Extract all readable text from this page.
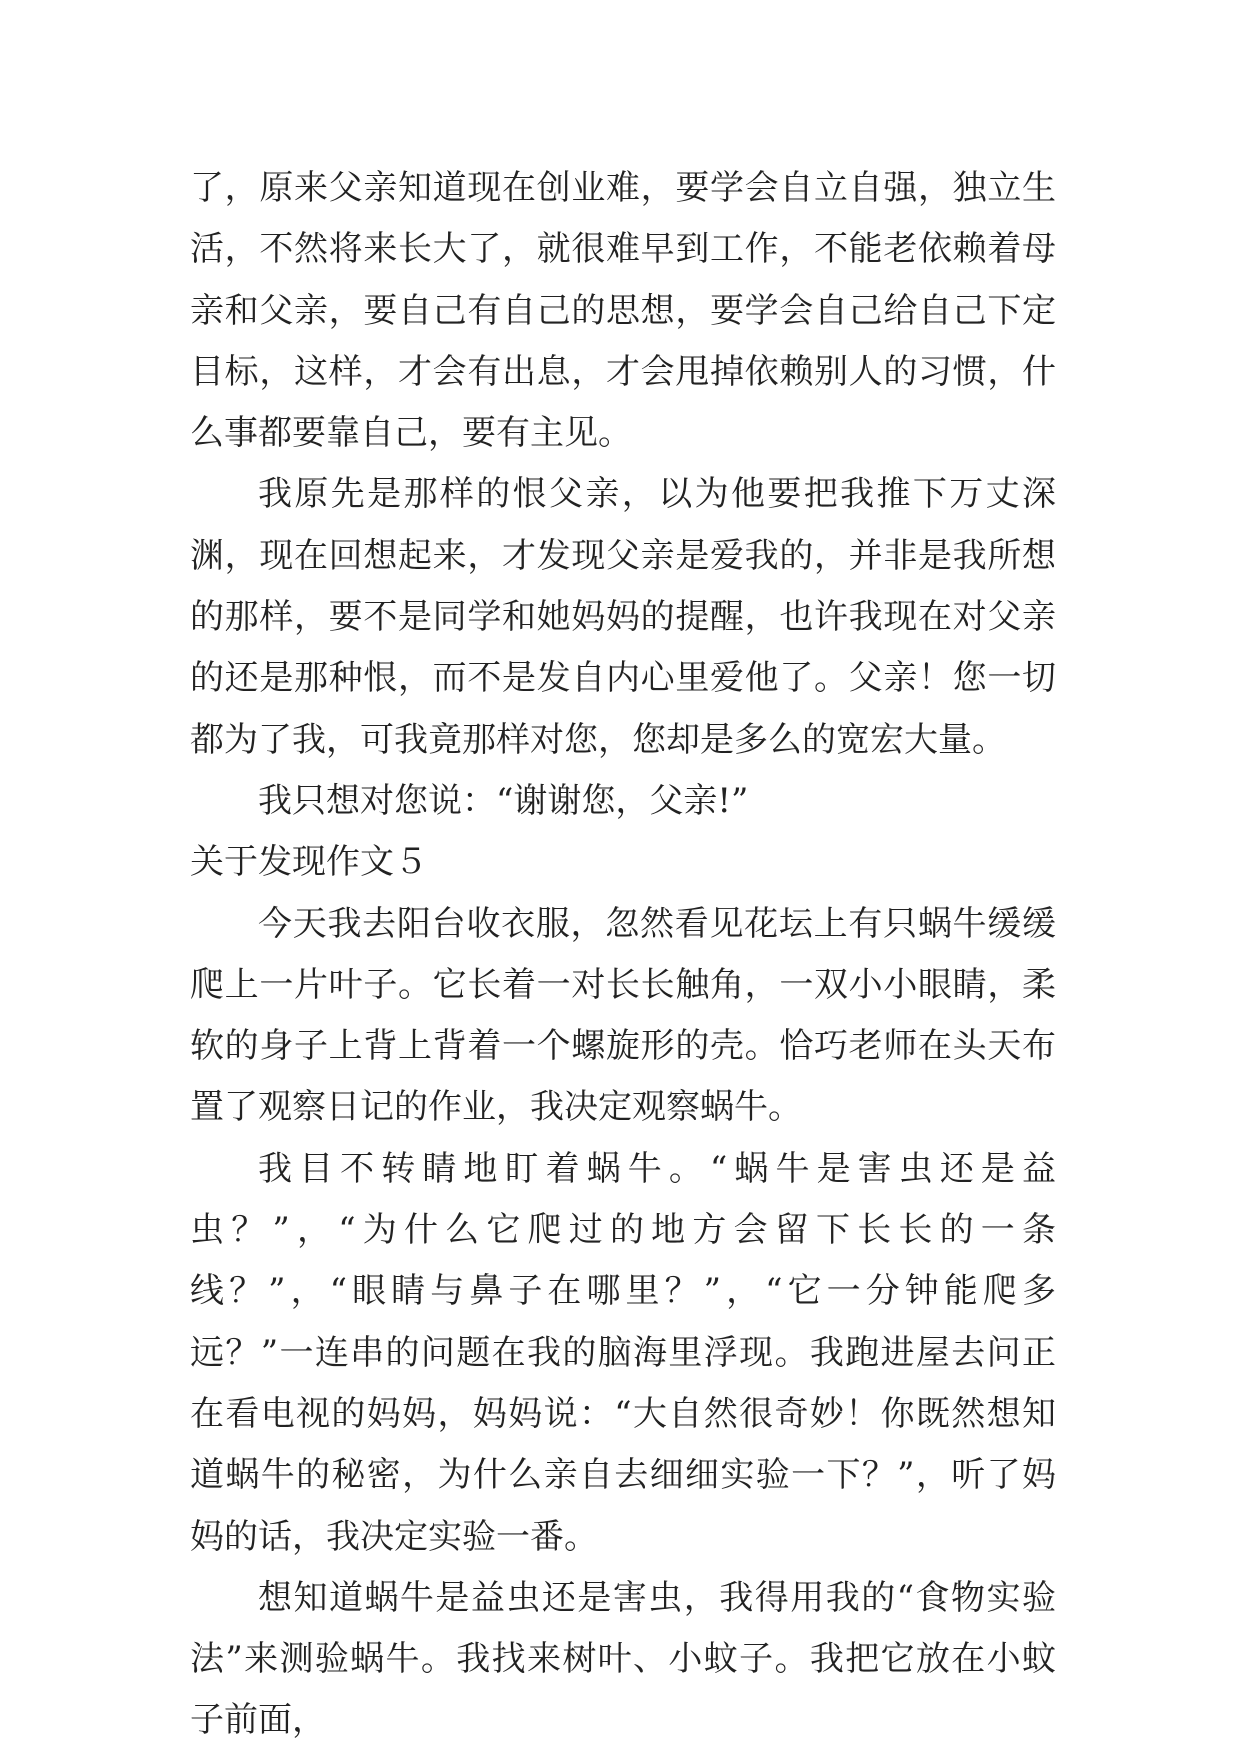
了，原来父亲知道现在创业难，要学会自立自强，独立生活，不然将来长大了，就很难早到工作，不能老依赖着母亲和父亲，要自己有自己的思想，要学会自己给自己下定目标，这样，才会有出息，才会甩掉依赖别人的习惯，什么事都要靠自己，要有主见。

我原先是那样的恨父亲，以为他要把我推下万丈深渊，现在回想起来，才发现父亲是爱我的，并非是我所想的那样，要不是同学和她妈妈的提醒，也许我现在对父亲的还是那种恨，而不是发自内心里爱他了。父亲！您一切都为了我，可我竟那样对您，您却是多么的宽宏大量。

我只想对您说：“谢谢您，父亲!”

关于发现作文５

今天我去阳台收衣服，忽然看见花坛上有只蜗牛缓缓爬上一片叶子。它长着一对长长触角，一双小小眼睛，柔软的身子上背上背着一个螺旋形的壳。恰巧老师在头天布置了观察日记的作业，我决定观察蜗牛。

我目不转睛地盯着蜗牛。“蜗牛是害虫还是益虫？”，“为什么它爬过的地方会留下长长的一条线？”，“眼睛与鼻子在哪里？”，“它一分钟能爬多远？”一连串的问题在我的脑海里浮现。我跑进屋去问正在看电视的妈妈，妈妈说：“大自然很奇妙！你既然想知道蜗牛的秘密，为什么亲自去细细实验一下？”，听了妈妈的话，我决定实验一番。

想知道蜗牛是益虫还是害虫，我得用我的“食物实验法”来测验蜗牛。我找来树叶、小蚊子。我把它放在小蚊子前面，
